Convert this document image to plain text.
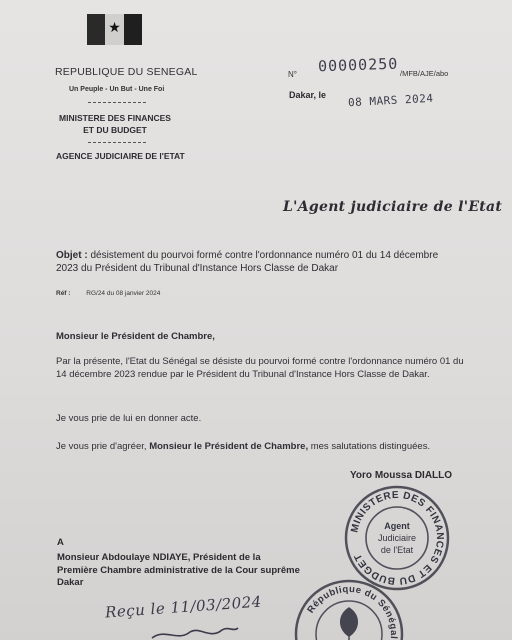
★
REPUBLIQUE DU SENEGAL
Un Peuple - Un But - Une Foi
MINISTERE DES FINANCES
ET DU BUDGET
AGENCE JUDICIAIRE DE l'ETAT
N° 00000250 /MFB/AJE/abo
Dakar, le 08 MARS 2024
L'Agent judiciaire de l'Etat
Objet : désistement du pourvoi formé contre l'ordonnance numéro 01 du 14 décembre 2023 du Président du Tribunal d'Instance Hors Classe de Dakar
Réf : RG/24 du 08 janvier 2024
Monsieur le Président de Chambre,
Par la présente, l'Etat du Sénégal se désiste du pourvoi formé contre l'ordonnance numéro 01 du 14 décembre 2023 rendue par le Président du Tribunal d'Instance Hors Classe de Dakar.
Je vous prie de lui en donner acte.
Je vous prie d'agréer, Monsieur le Président de Chambre, mes salutations distinguées.
Yoro Moussa DIALLO
MINISTERE DES FINANCES ET DU BUDGET
Agent
Judiciaire
de l'Etat
A
Monsieur Abdoulaye NDIAYE, Président de la
Première Chambre administrative de la Cour suprême
Dakar
Reçu le 11/03/2024	République du Sénégal
